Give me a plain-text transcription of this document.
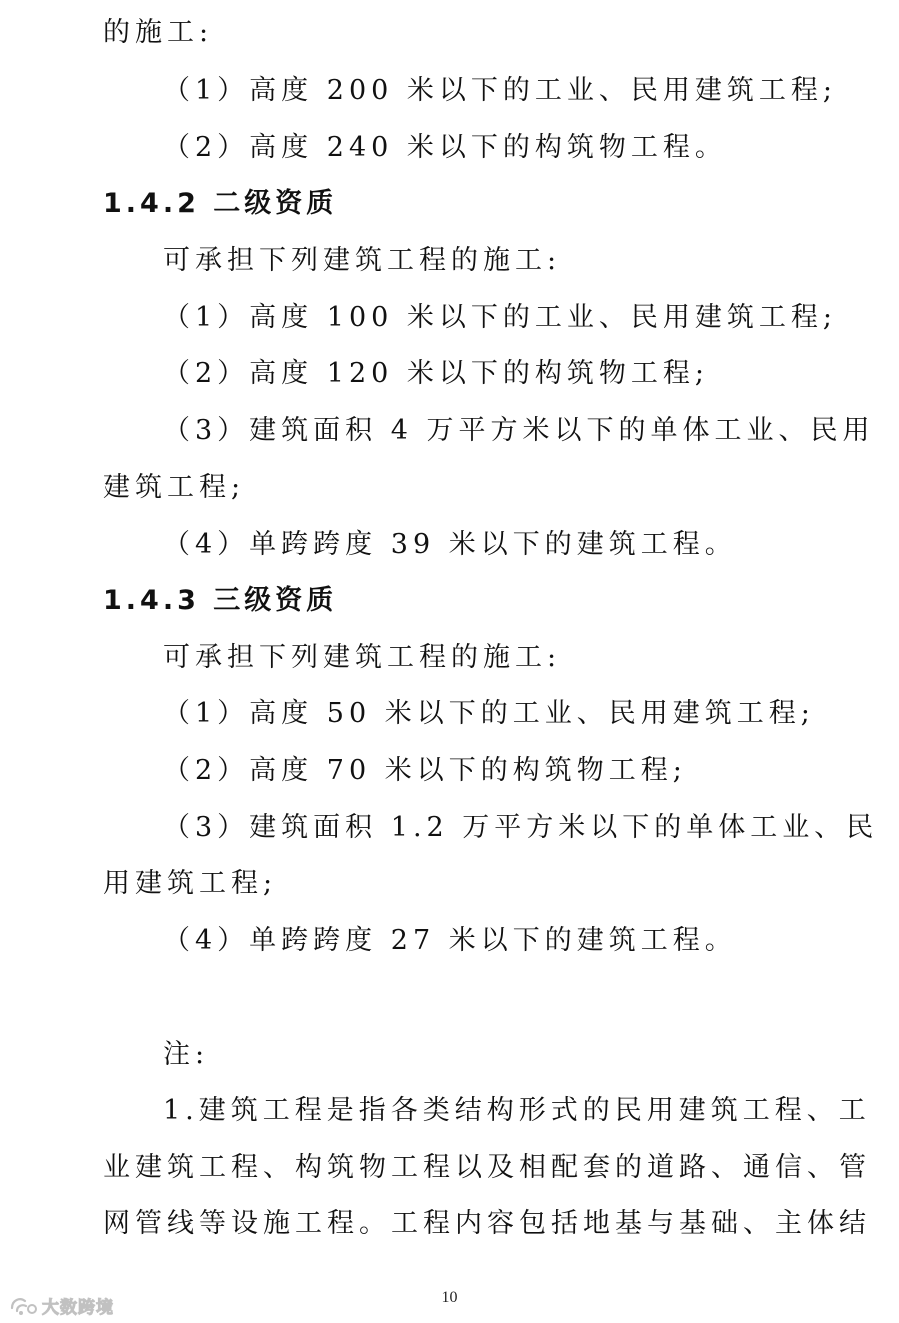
的施工:
（1）高度 200 米以下的工业、民用建筑工程;
（2）高度 240 米以下的构筑物工程。
1.4.2 二级资质
可承担下列建筑工程的施工:
（1）高度 100 米以下的工业、民用建筑工程;
（2）高度 120 米以下的构筑物工程;
（3）建筑面积 4 万平方米以下的单体工业、民用
建筑工程;
（4）单跨跨度 39 米以下的建筑工程。
1.4.3 三级资质
可承担下列建筑工程的施工:
（1）高度 50 米以下的工业、民用建筑工程;
（2）高度 70 米以下的构筑物工程;
（3）建筑面积 1.2 万平方米以下的单体工业、民
用建筑工程;
（4）单跨跨度 27 米以下的建筑工程。
注:
1.建筑工程是指各类结构形式的民用建筑工程、工
业建筑工程、构筑物工程以及相配套的道路、通信、管
网管线等设施工程。工程内容包括地基与基础、主体结
10
大数跨境
